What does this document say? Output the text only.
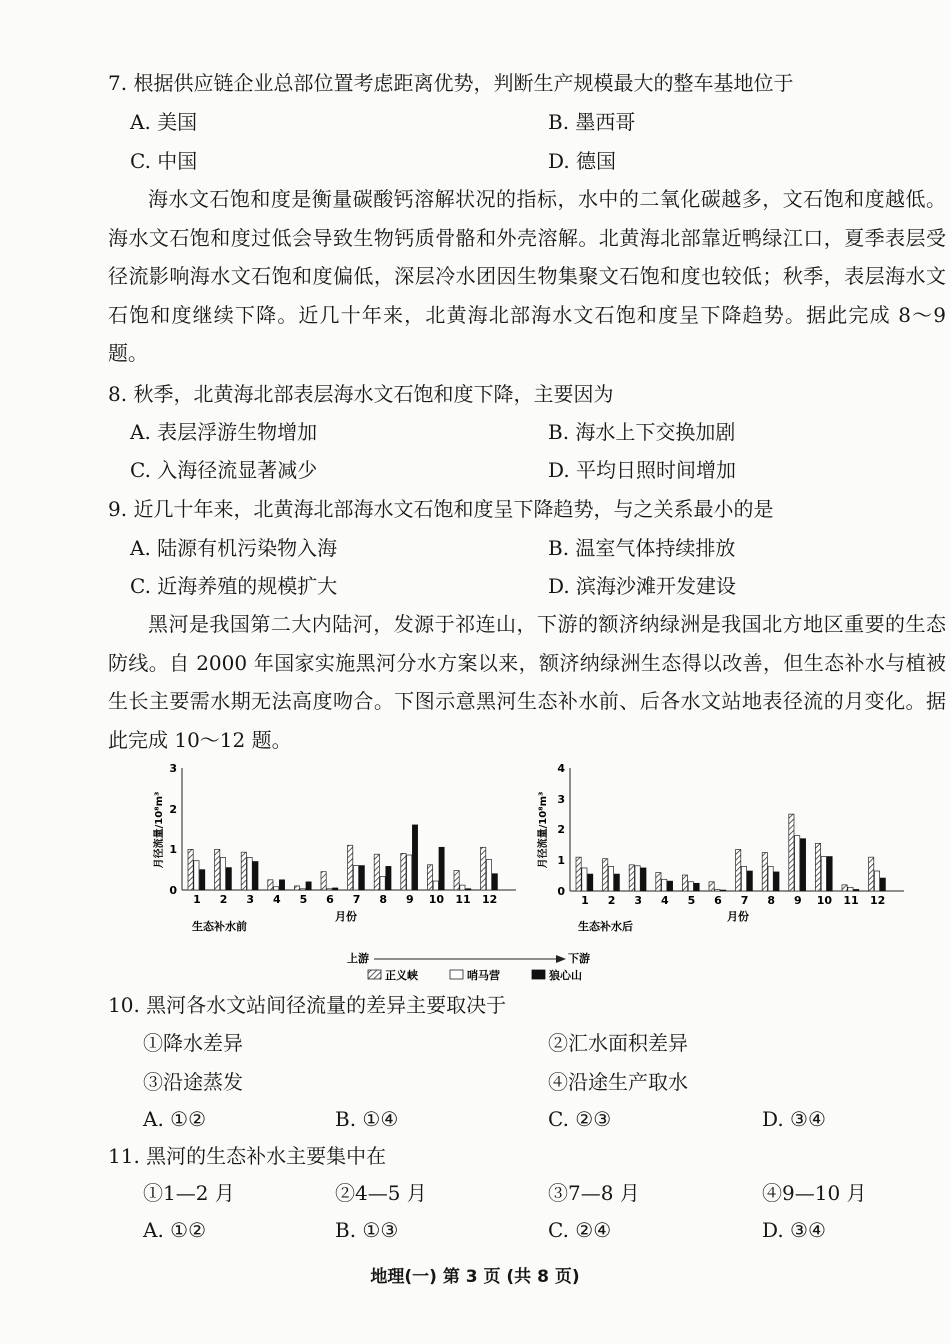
7. 根据供应链企业总部位置考虑距离优势，判断生产规模最大的整车基地位于
A. 美国	B. 墨西哥
C. 中国	D. 德国

海水文石饱和度是衡量碳酸钙溶解状况的指标，水中的二氧化碳越多，文石饱和度越低。海水文石饱和度过低会导致生物钙质骨骼和外壳溶解。北黄海北部靠近鸭绿江口，夏季表层受径流影响海水文石饱和度偏低，深层冷水团因生物集聚文石饱和度也较低；秋季，表层海水文石饱和度继续下降。近几十年来，北黄海北部海水文石饱和度呈下降趋势。据此完成 8～9 题。

8. 秋季，北黄海北部表层海水文石饱和度下降，主要因为
A. 表层浮游生物增加	B. 海水上下交换加剧
C. 入海径流显著减少	D. 平均日照时间增加
9. 近几十年来，北黄海北部海水文石饱和度呈下降趋势，与之关系最小的是
A. 陆源有机污染物入海	B. 温室气体持续排放
C. 近海养殖的规模扩大	D. 滨海沙滩开发建设

黑河是我国第二大内陆河，发源于祁连山，下游的额济纳绿洲是我国北方地区重要的生态防线。自 2000 年国家实施黑河分水方案以来，额济纳绿洲生态得以改善，但生态补水与植被生长主要需水期无法高度吻合。下图示意黑河生态补水前、后各水文站地表径流的月变化。据此完成 10～12 题。

月径流量/10⁸m³
0
1
2
3
1 2 3 4 5 6 7 8 9 10 11 12
生态补水前
月份
月径流量/10⁸m³
0
1
2
3
4
1 2 3 4 5 6 7 8 9 10 11 12
生态补水后
月份
上游	下游
正义峡	哨马营	狼心山
10. 黑河各水文站间径流量的差异主要取决于
①降水差异	②汇水面积差异
③沿途蒸发	④沿途生产取水
A. ①②	B. ①④	C. ②③	D. ③④
11. 黑河的生态补水主要集中在
①1—2 月	②4—5 月	③7—8 月	④9—10 月
A. ①②	B. ①③	C. ②④	D. ③④
地理(一) 第 3 页 (共 8 页)
